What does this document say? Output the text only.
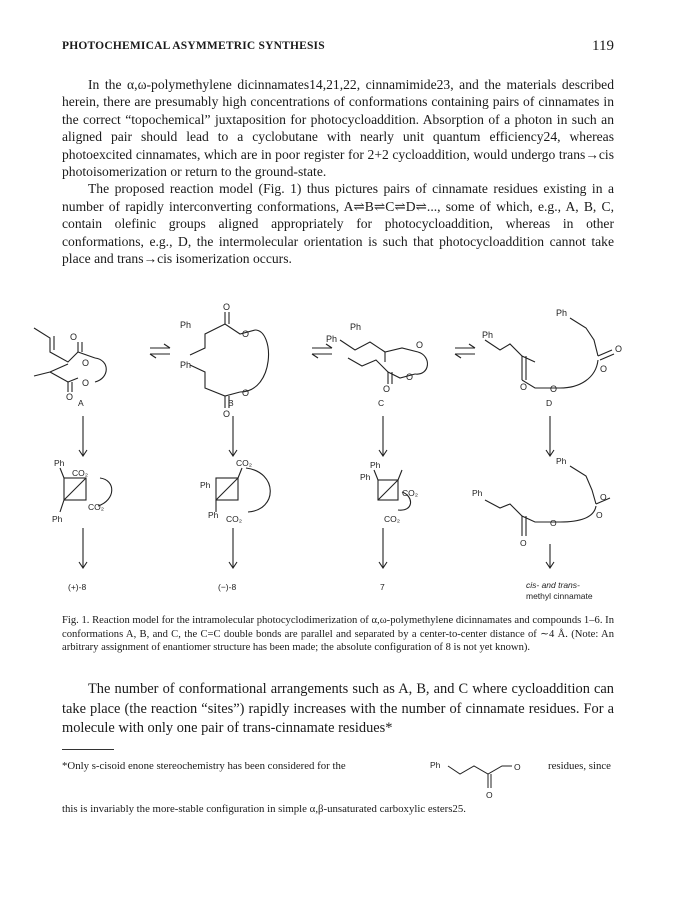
PHOTOCHEMICAL ASYMMETRIC SYNTHESIS	119

In the α,ω-polymethylene dicinnamates14,21,22, cinnamimide23, and the materials described herein, there are presumably high concentrations of conformations containing pairs of cinnamates in the correct “topochemical” juxtaposition for photocycloaddition. Absorption of a photon in such an aligned pair should lead to a cyclobutane with nearly unit quantum efficiency24, whereas photoexcited cinnamates, which are in poor register for 2+2 cycloaddition, would undergo trans→cis photoisomerization or return to the ground-state.

The proposed reaction model (Fig. 1) thus pictures pairs of cinnamate residues existing in a number of rapidly interconverting conformations, A⇌B⇌C⇌D⇌..., some of which, e.g., A, B, C, contain olefinic groups aligned appropriately for photocycloaddition, whereas in other conformations, e.g., D, the intermolecular orientation is such that photocycloaddition cannot take place and trans→cis isomerization occurs.

O
O
O
O
Ph
Ph
O
O
O
O
Ph
Ph
O
O
O
Ph
Ph
O
O
O
O
A	B	C	D
Ph
CO₂
CO₂
Ph
CO₂
Ph
Ph CO₂
Ph
Ph
CO₂
CO₂
Ph
Ph	O
O
O
O
(+)-8	(−)-8	7	cis- and trans-
methyl cinnamate

Fig. 1. Reaction model for the intramolecular photocyclodimerization of α,ω-polymethylene dicinnamates and compounds 1–6. In conformations A, B, and C, the C=C double bonds are parallel and separated by a center-to-center distance of ∼4 Å. (Note: An arbitrary assignment of enantiomer structure has been made; the absolute configuration of 8 is not yet known).

The number of conformational arrangements such as A, B, and C where cycloaddition can take place (the reaction “sites”) rapidly increases with the number of cinnamate residues. For a molecule with only one pair of trans-cinnamate residues*

*Only s-cisoid enone stereochemistry has been considered for the	Ph	O
O
residues, since

this is invariably the more-stable configuration in simple α,β-unsaturated carboxylic esters25.
